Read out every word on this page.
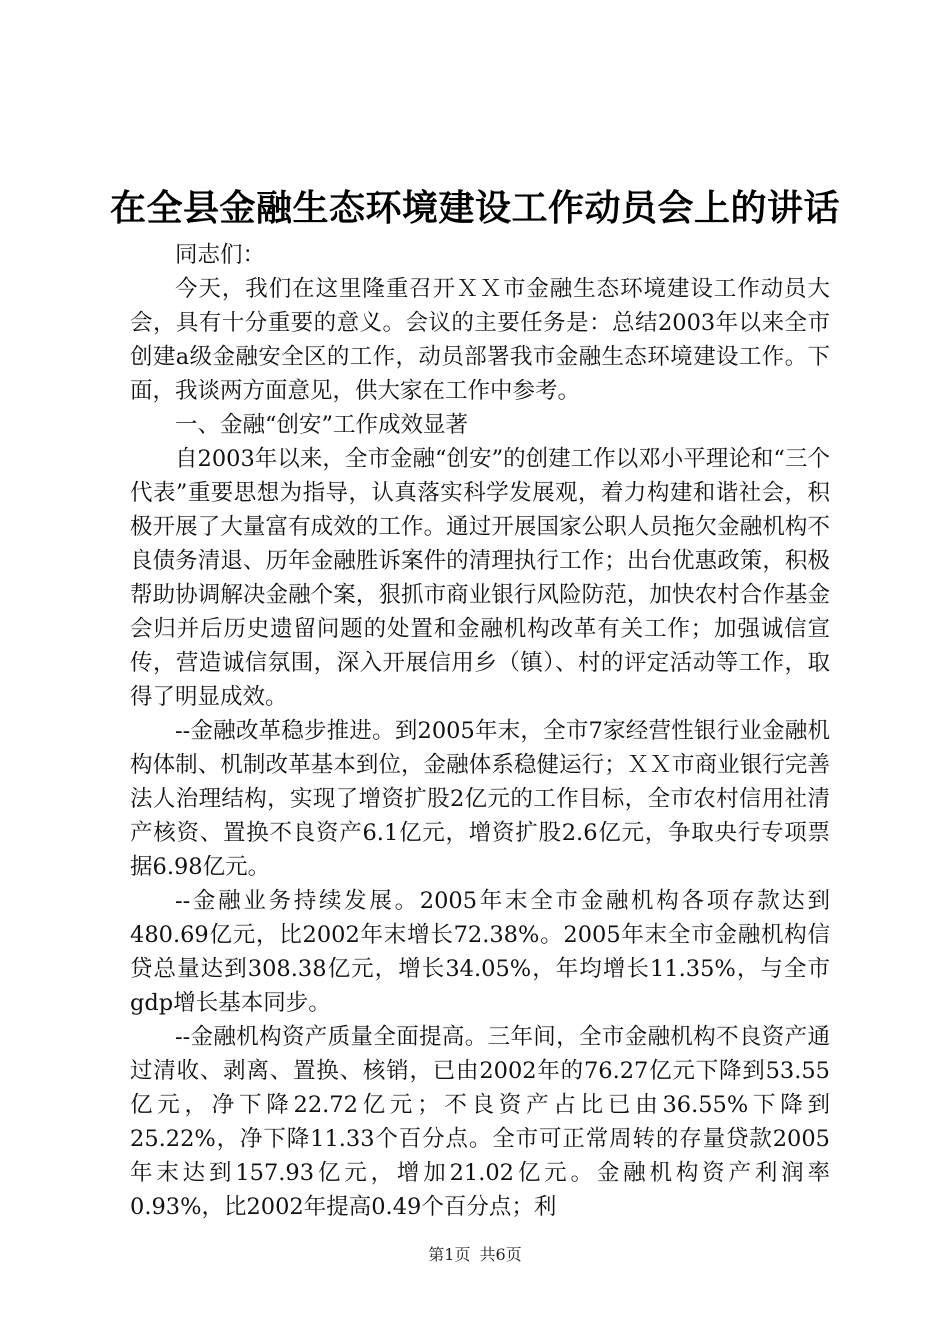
在全县金融生态环境建设工作动员会上的讲话

同志们：

今天，我们在这里隆重召开ＸＸ市金融生态环境建设工作动员大会，具有十分重要的意义。会议的主要任务是：总结2003年以来全市创建a级金融安全区的工作，动员部署我市金融生态环境建设工作。下面，我谈两方面意见，供大家在工作中参考。

一、金融“创安”工作成效显著

自2003年以来，全市金融“创安”的创建工作以邓小平理论和“三个代表”重要思想为指导，认真落实科学发展观，着力构建和谐社会，积极开展了大量富有成效的工作。通过开展国家公职人员拖欠金融机构不良债务清退、历年金融胜诉案件的清理执行工作；出台优惠政策，积极帮助协调解决金融个案，狠抓市商业银行风险防范，加快农村合作基金会归并后历史遗留问题的处置和金融机构改革有关工作；加强诚信宣传，营造诚信氛围，深入开展信用乡（镇）、村的评定活动等工作，取得了明显成效。

--金融改革稳步推进。到2005年末，全市7家经营性银行业金融机构体制、机制改革基本到位，金融体系稳健运行；ＸＸ市商业银行完善法人治理结构，实现了增资扩股2亿元的工作目标，全市农村信用社清产核资、置换不良资产6.1亿元，增资扩股2.6亿元，争取央行专项票据6.98亿元。

--金融业务持续发展。2005年末全市金融机构各项存款达到480.69亿元，比2002年末增长72.38%。2005年末全市金融机构信贷总量达到308.38亿元，增长34.05%，年均增长11.35%，与全市gdp增长基本同步。

--金融机构资产质量全面提高。三年间，全市金融机构不良资产通过清收、剥离、置换、核销，已由2002年的76.27亿元下降到53.55亿元，净下降22.72亿元；不良资产占比已由36.55%下降到25.22%，净下降11.33个百分点。全市可正常周转的存量贷款2005年末达到157.93亿元，增加21.02亿元。金融机构资产利润率0.93%，比2002年提高0.49个百分点；利

第1页 共6页
